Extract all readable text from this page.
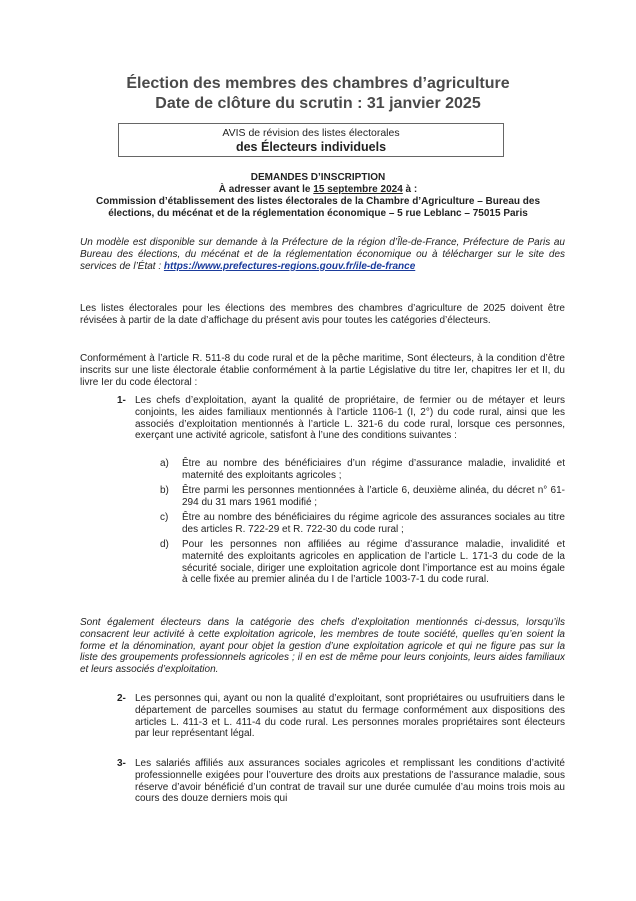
Élection des membres des chambres d’agriculture
Date de clôture du scrutin : 31 janvier 2025
AVIS de révision des listes électorales
des Électeurs individuels
DEMANDES D’INSCRIPTION
À adresser avant le 15 septembre 2024 à :
Commission d’établissement des listes électorales de la Chambre d’Agriculture – Bureau des
élections, du mécénat et de la réglementation économique – 5 rue Leblanc – 75015 Paris
Un modèle est disponible sur demande à la Préfecture de la région d’Île-de-France, Préfecture de Paris au Bureau des élections, du mécénat et de la réglementation économique ou à télécharger sur le site des services de l’État : https://www.prefectures-regions.gouv.fr/ile-de-france
Les listes électorales pour les élections des membres des chambres d’agriculture de 2025 doivent être révisées à partir de la date d’affichage du présent avis pour toutes les catégories d’électeurs.
Conformément à l’article R. 511-8 du code rural et de la pêche maritime, Sont électeurs, à la condition d’être inscrits sur une liste électorale établie conformément à la partie Législative du titre Ier, chapitres Ier et II, du livre Ier du code électoral :
1- Les chefs d’exploitation, ayant la qualité de propriétaire, de fermier ou de métayer et leurs conjoints, les aides familiaux mentionnés à l’article 1106-1 (I, 2°) du code rural, ainsi que les associés d’exploitation mentionnés à l’article L. 321-6 du code rural, lorsque ces personnes, exerçant une activité agricole, satisfont à l’une des conditions suivantes :
a) Être au nombre des bénéficiaires d’un régime d’assurance maladie, invalidité et maternité des exploitants agricoles ;
b) Être parmi les personnes mentionnées à l’article 6, deuxième alinéa, du décret n° 61-294 du 31 mars 1961 modifié ;
c) Être au nombre des bénéficiaires du régime agricole des assurances sociales au titre des articles R. 722-29 et R. 722-30 du code rural ;
d) Pour les personnes non affiliées au régime d’assurance maladie, invalidité et maternité des exploitants agricoles en application de l’article L. 171-3 du code de la sécurité sociale, diriger une exploitation agricole dont l’importance est au moins égale à celle fixée au premier alinéa du I de l’article 1003-7-1 du code rural.
Sont également électeurs dans la catégorie des chefs d’exploitation mentionnés ci-dessus, lorsqu’ils consacrent leur activité à cette exploitation agricole, les membres de toute société, quelles qu’en soient la forme et la dénomination, ayant pour objet la gestion d’une exploitation agricole et qui ne figure pas sur la liste des groupements professionnels agricoles ; il en est de même pour leurs conjoints, leurs aides familiaux et leurs associés d’exploitation.
2- Les personnes qui, ayant ou non la qualité d’exploitant, sont propriétaires ou usufruitiers dans le département de parcelles soumises au statut du fermage conformément aux dispositions des articles L. 411-3 et L. 411-4 du code rural. Les personnes morales propriétaires sont électeurs par leur représentant légal.
3- Les salariés affiliés aux assurances sociales agricoles et remplissant les conditions d’activité professionnelle exigées pour l’ouverture des droits aux prestations de l’assurance maladie, sous réserve d’avoir bénéficié d’un contrat de travail sur une durée cumulée d’au moins trois mois au cours des douze derniers mois qui
